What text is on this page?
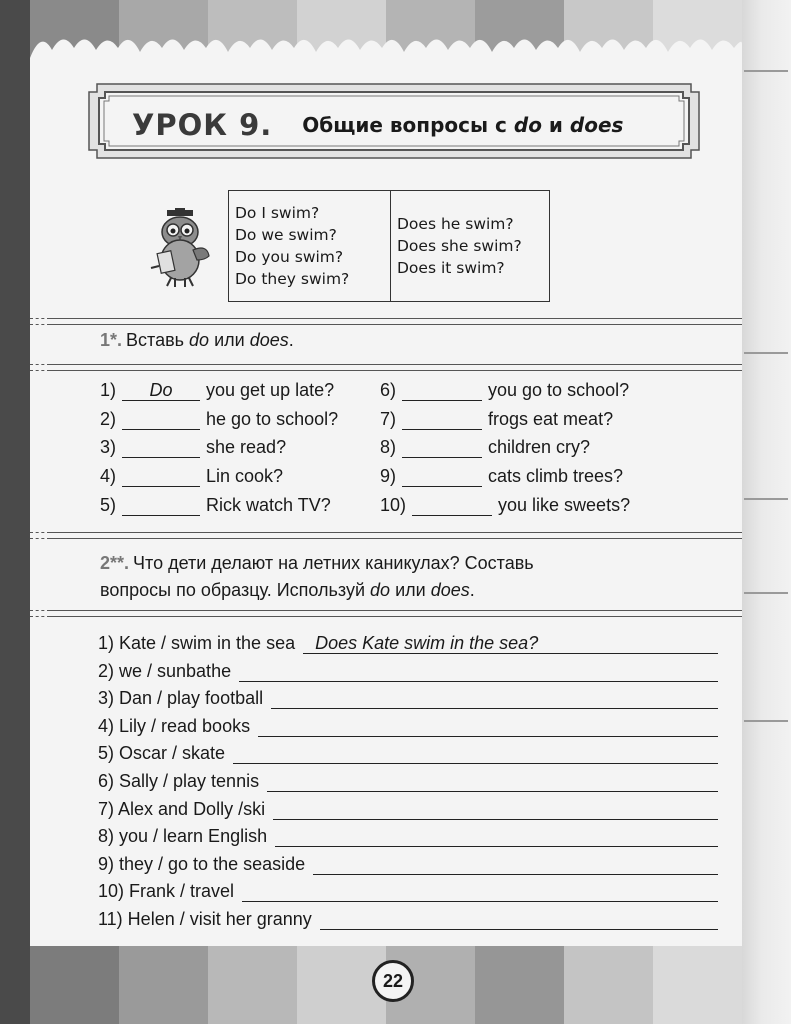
УРОК 9. Общие вопросы с do и does
Do I swim?
Do we swim?
Do you swim?
Do they swim?
Does he swim?
Does she swim?
Does it swim?
1*. Вставь do или does.
1)	Do	you get up late?	6)	you go to school?
2)	he go to school? 7)	frogs eat meat?
3)	she read?	8)	children cry?
4)	Lin cook?	9)	cats climb trees?
5)	Rick watch TV?	10)	you like sweets?
2**. Что дети делают на летних каникулах? Составь
вопросы по образцу. Используй do или does.
1) Kate / swim in the sea	Does Kate swim in the sea?
2) we / sunbathe
3) Dan / play football
4) Lily / read books
5) Oscar / skate
6) Sally / play tennis
7) Alex and Dolly /ski
8) you / learn English
9) they / go to the seaside
10) Frank / travel
11) Helen / visit her granny
22
